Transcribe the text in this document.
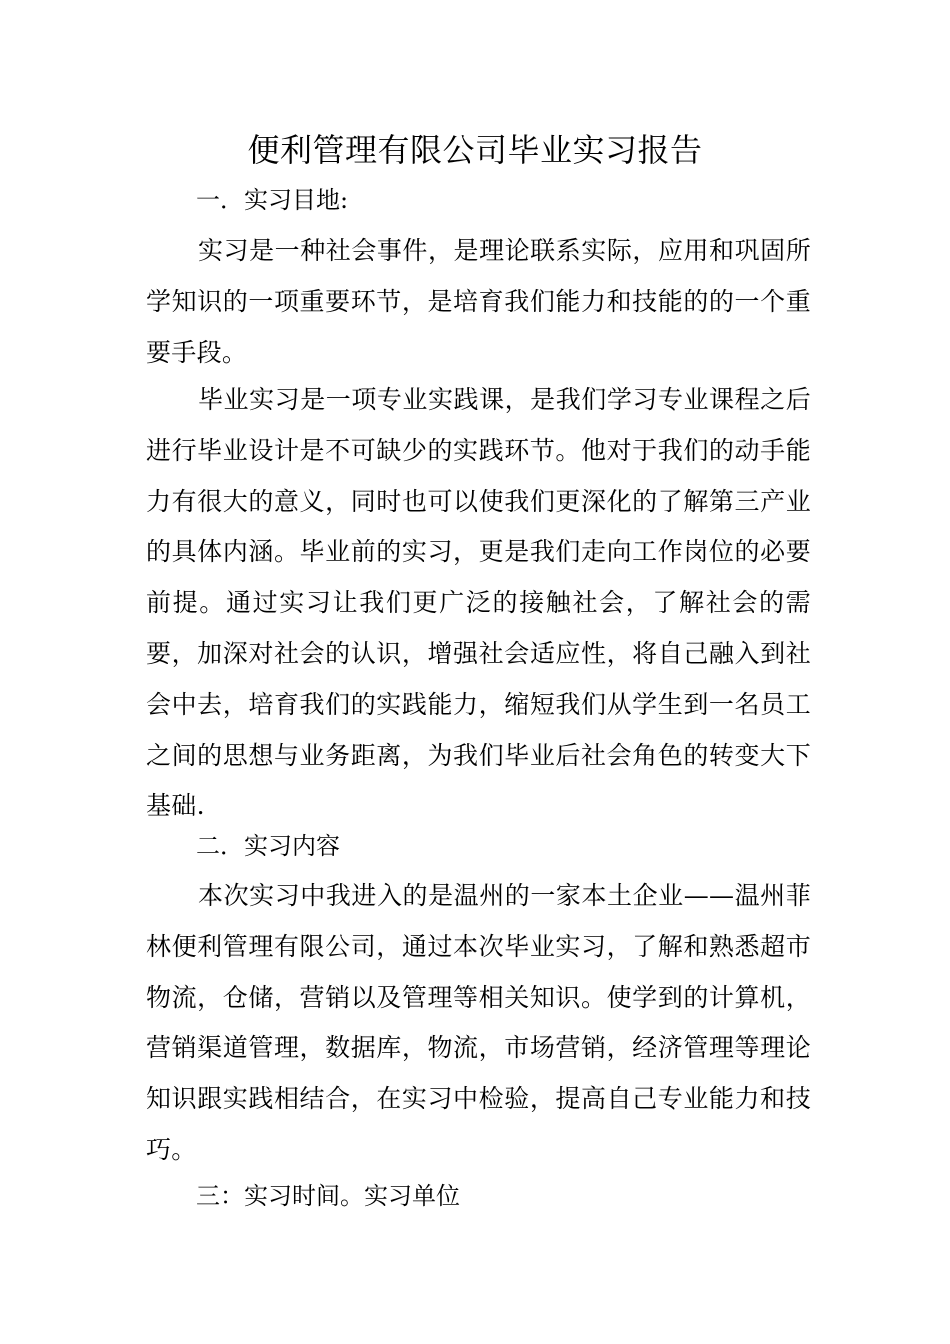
便利管理有限公司毕业实习报告
一．实习目地:
实习是一种社会事件，是理论联系实际，应用和巩固所学知识的一项重要环节，是培育我们能力和技能的的一个重要手段。
毕业实习是一项专业实践课，是我们学习专业课程之后进行毕业设计是不可缺少的实践环节。他对于我们的动手能力有很大的意义，同时也可以使我们更深化的了解第三产业的具体内涵。毕业前的实习，更是我们走向工作岗位的必要前提。通过实习让我们更广泛的接触社会，了解社会的需要，加深对社会的认识，增强社会适应性，将自己融入到社会中去，培育我们的实践能力，缩短我们从学生到一名员工之间的思想与业务距离，为我们毕业后社会角色的转变大下基础.
二．实习内容
本次实习中我进入的是温州的一家本土企业——温州菲林便利管理有限公司，通过本次毕业实习，了解和熟悉超市物流，仓储，营销以及管理等相关知识。使学到的计算机，营销渠道管理，数据库，物流，市场营销，经济管理等理论知识跟实践相结合，在实习中检验，提高自己专业能力和技巧。
三：实习时间。实习单位
